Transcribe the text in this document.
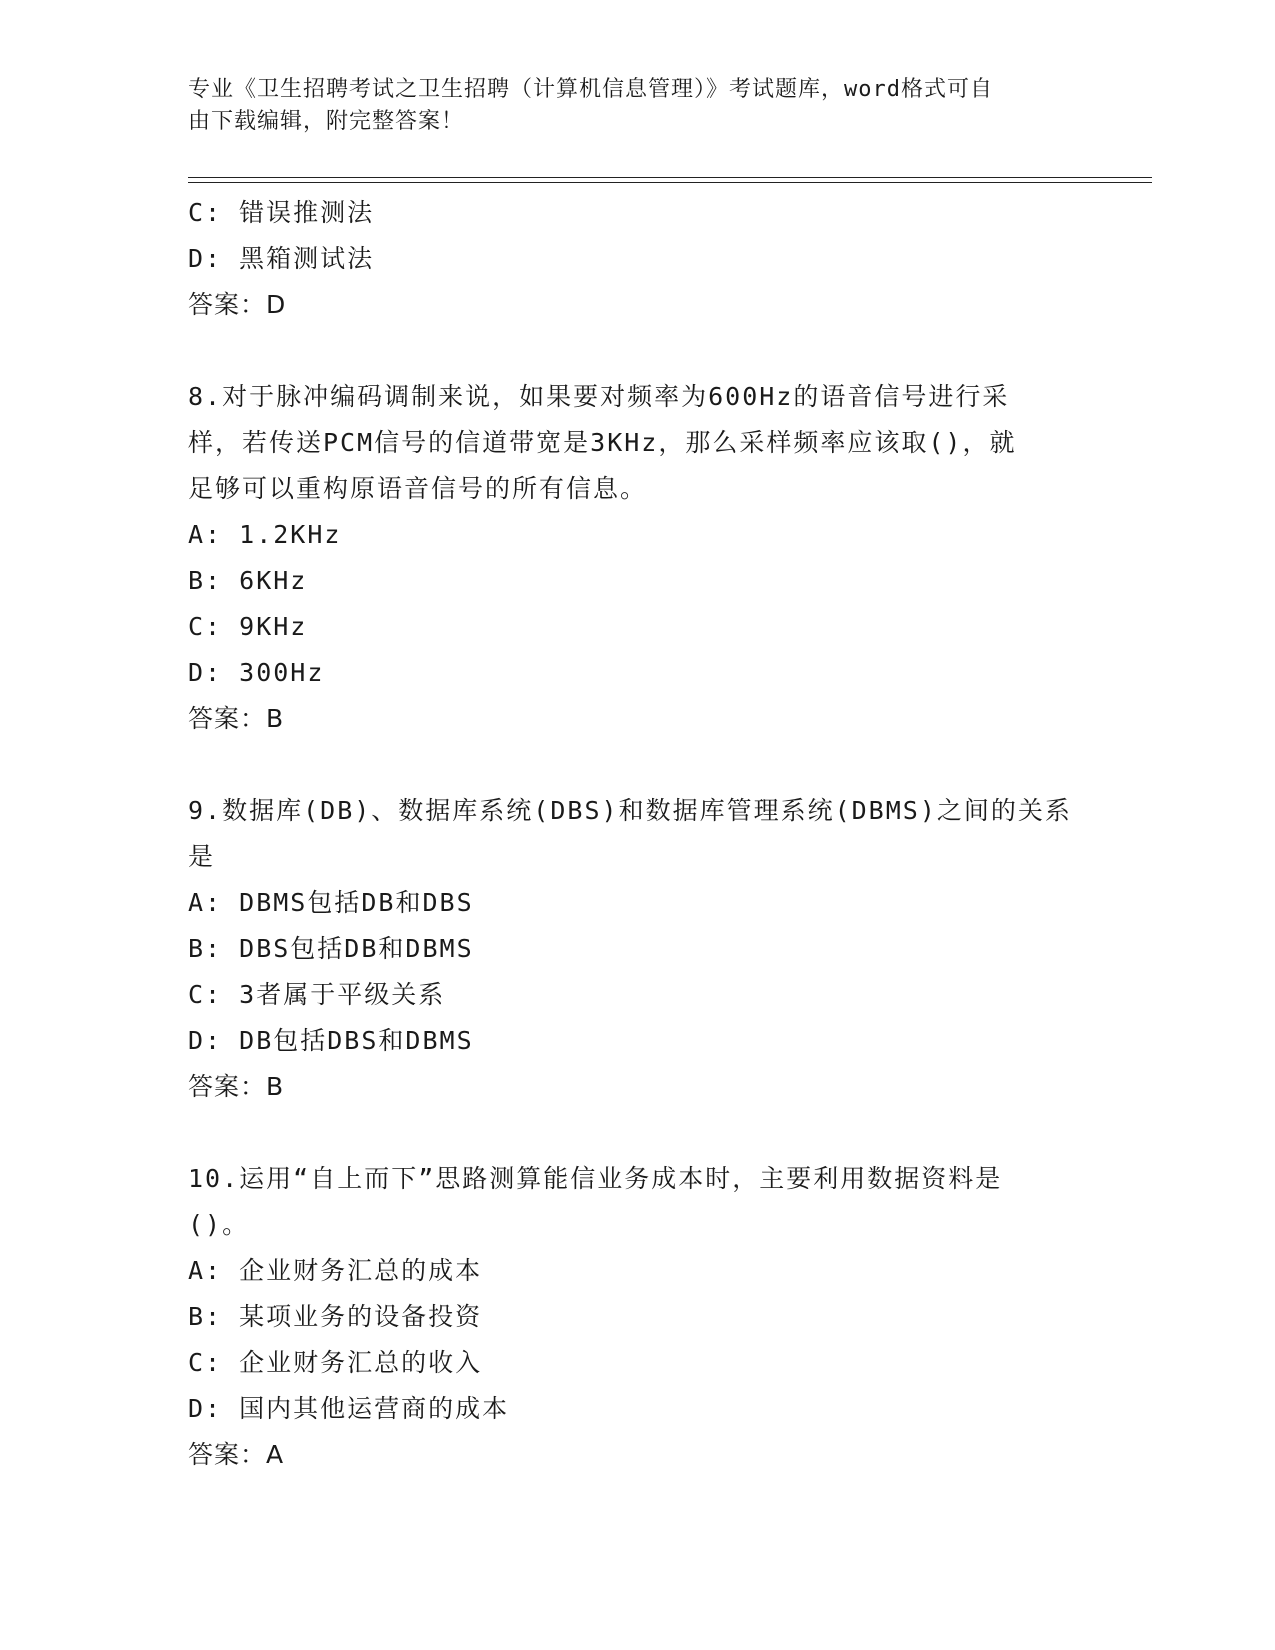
专业《卫生招聘考试之卫生招聘（计算机信息管理）》考试题库，word格式可自
由下载编辑，附完整答案！
C: 错误推测法
D: 黑箱测试法
答案：D
8.对于脉冲编码调制来说，如果要对频率为600Hz的语音信号进行采
样，若传送PCM信号的信道带宽是3KHz，那么采样频率应该取()，就
足够可以重构原语音信号的所有信息。
A: 1.2KHz
B: 6KHz
C: 9KHz
D: 300Hz
答案：B
9.数据库(DB)、数据库系统(DBS)和数据库管理系统(DBMS)之间的关系
是
A: DBMS包括DB和DBS
B: DBS包括DB和DBMS
C: 3者属于平级关系
D: DB包括DBS和DBMS
答案：B
10.运用“自上而下”思路测算能信业务成本时，主要利用数据资料是
()。
A: 企业财务汇总的成本
B: 某项业务的设备投资
C: 企业财务汇总的收入
D: 国内其他运营商的成本
答案：A
